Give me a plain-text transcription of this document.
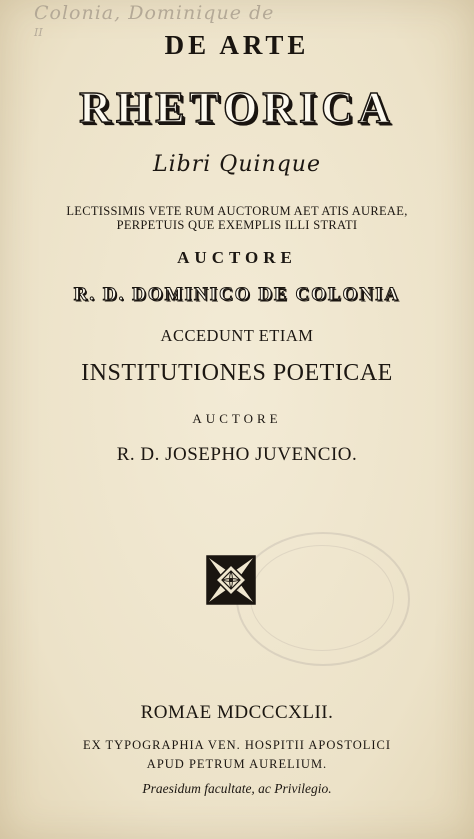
Colonia, Dominique de
II	DE ARTE
RHETORICA
Libri Quinque
LECTISSIMIS VETE RUM AUCTORUM AET ATIS AUREAE,
PERPETUIS QUE EXEMPLIS ILLI STRATI
AUCTORE
R. D. DOMINICO DE COLONIA
ACCEDUNT ETIAM
INSTITUTIONES POETICAE
AUCTORE
R. D. JOSEPHO JUVENCIO.
ROMAE MDCCCXLII.
EX TYPOGRAPHIA VEN. HOSPITII APOSTOLICI
APUD PETRUM AURELIUM.
Praesidum facultate, ac Privilegio.
